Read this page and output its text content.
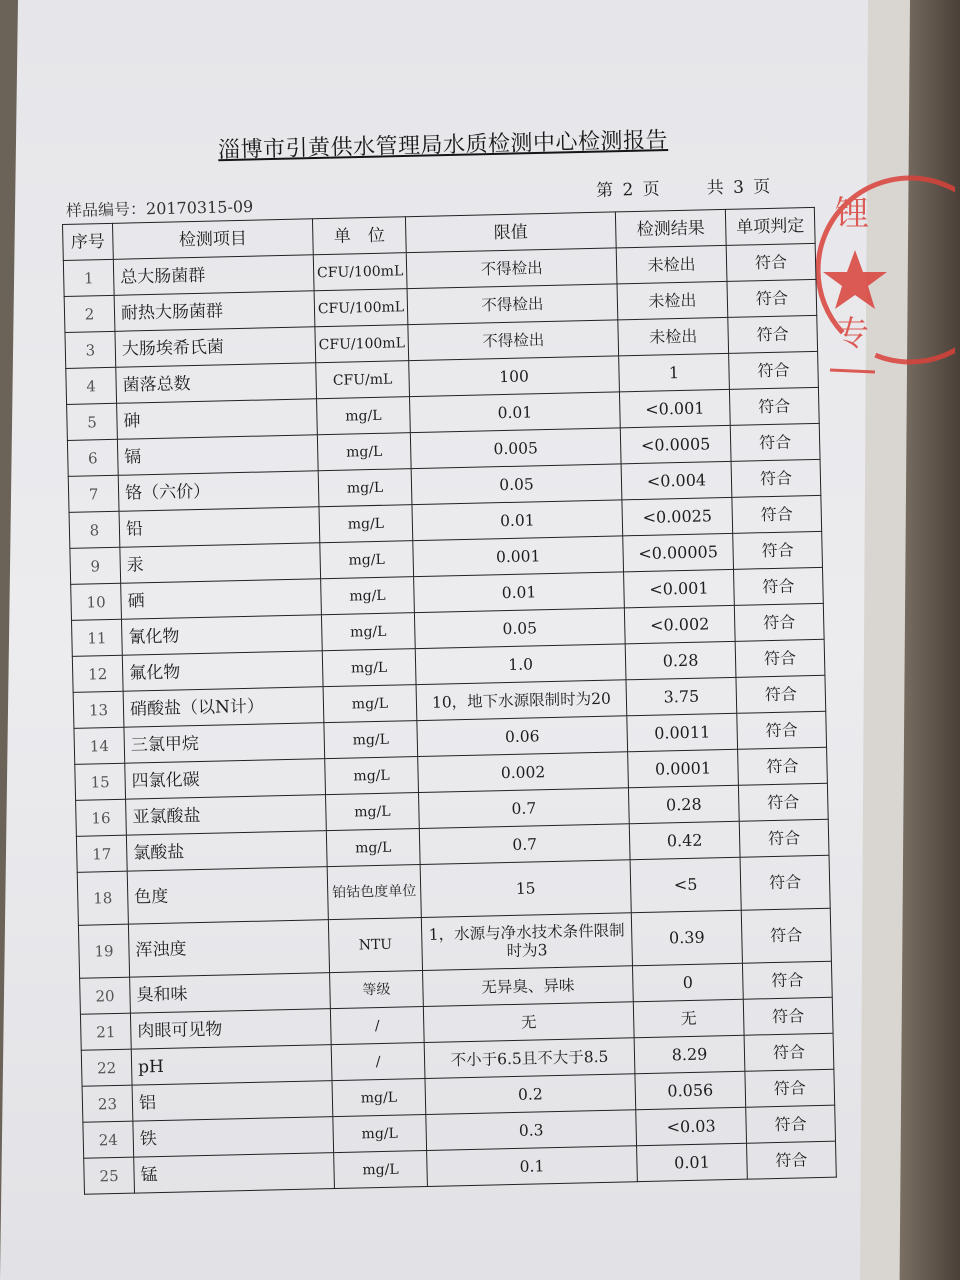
锂
专
淄博市引黄供水管理局水质检测中心检测报告
样品编号：20170315-09
第 2 页	共 3 页
序号	检测项目	单　位	限值	检测结果	单项判定
1	总大肠菌群	CFU/100mL	不得检出	未检出	符合
2	耐热大肠菌群	CFU/100mL	不得检出	未检出	符合
3	大肠埃希氏菌	CFU/100mL	不得检出	未检出	符合
4	菌落总数	CFU/mL	100	1	符合
5	砷	mg/L	0.01	<0.001	符合
6	镉	mg/L	0.005	<0.0005	符合
7	铬（六价）	mg/L	0.05	<0.004	符合
8	铅	mg/L	0.01	<0.0025	符合
9	汞	mg/L	0.001	<0.00005	符合
10	硒	mg/L	0.01	<0.001	符合
11	氰化物	mg/L	0.05	<0.002	符合
12	氟化物	mg/L	1.0	0.28	符合
13	硝酸盐（以N计）	mg/L	10，地下水源限制时为20	3.75	符合
14	三氯甲烷	mg/L	0.06	0.0011	符合
15	四氯化碳	mg/L	0.002	0.0001	符合
16	亚氯酸盐	mg/L	0.7	0.28	符合
17	氯酸盐	mg/L	0.7	0.42	符合
18	色度	铂钴色度单位	15	<5	符合
19	浑浊度	NTU	1，水源与净水技术条件限制时为3	0.39	符合
20	臭和味	等级	无异臭、异味	0	符合
21	肉眼可见物	/	无	无	符合
22	pH	/	不小于6.5且不大于8.5	8.29	符合
23	铝	mg/L	0.2	0.056	符合
24	铁	mg/L	0.3	<0.03	符合
25	锰	mg/L	0.1	0.01	符合
